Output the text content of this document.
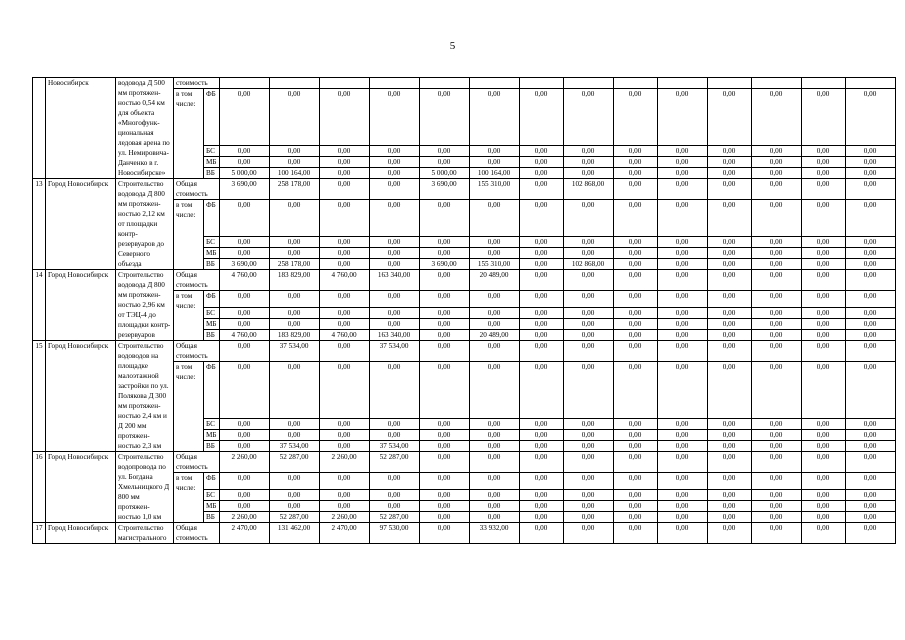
5
	Новосибирск	водовода Д 500 мм протяжен- ностью 0,54 км для объекта «Многофунк- циональная ледовая арена по ул. Немировича- Данченко в г. Новосибирске»	стоимость															
			в том числе:	ФБ	0,00	0,00	0,00	0,00	0,00	0,00	0,00	0,00	0,00	0,00	0,00	0,00	0,00	0,00
				БС	0,00	0,00	0,00	0,00	0,00	0,00	0,00	0,00	0,00	0,00	0,00	0,00	0,00	0,00
				МБ	0,00	0,00	0,00	0,00	0,00	0,00	0,00	0,00	0,00	0,00	0,00	0,00	0,00	0,00
				ВБ	5 000,00	100 164,00	0,00	0,00	5 000,00	100 164,00	0,00	0,00	0,00	0,00	0,00	0,00	0,00	0,00
13	Город Новосибирск	Строительство водовода Д 800 мм протяжен- ностью 2,12 км от площадки контр- резервуаров до Северного объезда	Общая стоимость		3 690,00	258 178,00	0,00	0,00	3 690,00	155 310,00	0,00	102 868,00	0,00	0,00	0,00	0,00	0,00	0,00
			в том числе:	ФБ	0,00	0,00	0,00	0,00	0,00	0,00	0,00	0,00	0,00	0,00	0,00	0,00	0,00	0,00
				БС	0,00	0,00	0,00	0,00	0,00	0,00	0,00	0,00	0,00	0,00	0,00	0,00	0,00	0,00
				МБ	0,00	0,00	0,00	0,00	0,00	0,00	0,00	0,00	0,00	0,00	0,00	0,00	0,00	0,00
				ВБ	3 690,00	258 178,00	0,00	0,00	3 690,00	155 310,00	0,00	102 868,00	0,00	0,00	0,00	0,00	0,00	0,00
14	Город Новосибирск	Строительство водовода Д 800 мм протяжен- ностью 2,96 км от ТЭЦ-4 до площадки контр- резервуаров	Общая стоимость		4 760,00	183 829,00	4 760,00	163 340,00	0,00	20 489,00	0,00	0,00	0,00	0,00	0,00	0,00	0,00	0,00
			в том числе:	ФБ	0,00	0,00	0,00	0,00	0,00	0,00	0,00	0,00	0,00	0,00	0,00	0,00	0,00	0,00
				БС	0,00	0,00	0,00	0,00	0,00	0,00	0,00	0,00	0,00	0,00	0,00	0,00	0,00	0,00
				МБ	0,00	0,00	0,00	0,00	0,00	0,00	0,00	0,00	0,00	0,00	0,00	0,00	0,00	0,00
				ВБ	4 760,00	183 829,00	4 760,00	163 340,00	0,00	20 489,00	0,00	0,00	0,00	0,00	0,00	0,00	0,00	0,00
15	Город Новосибирск	Строительство водоводов на площадке малоэтажной застройки по ул. Полякова Д 300 мм протяжен- ностью 2,4 км и Д 200 мм протяжен- ностью 2,3 км	Общая стоимость		0,00	37 534,00	0,00	37 534,00	0,00	0,00	0,00	0,00	0,00	0,00	0,00	0,00	0,00	0,00
			в том числе:	ФБ	0,00	0,00	0,00	0,00	0,00	0,00	0,00	0,00	0,00	0,00	0,00	0,00	0,00	0,00
				БС	0,00	0,00	0,00	0,00	0,00	0,00	0,00	0,00	0,00	0,00	0,00	0,00	0,00	0,00
				МБ	0,00	0,00	0,00	0,00	0,00	0,00	0,00	0,00	0,00	0,00	0,00	0,00	0,00	0,00
				ВБ	0,00	37 534,00	0,00	37 534,00	0,00	0,00	0,00	0,00	0,00	0,00	0,00	0,00	0,00	0,00
16	Город Новосибирск	Строительство водопровода по ул. Богдана Хмельницкого Д 800 мм протяжен- ностью 1,0 км	Общая стоимость		2 260,00	52 287,00	2 260,00	52 287,00	0,00	0,00	0,00	0,00	0,00	0,00	0,00	0,00	0,00	0,00
			в том числе:	ФБ	0,00	0,00	0,00	0,00	0,00	0,00	0,00	0,00	0,00	0,00	0,00	0,00	0,00	0,00
				БС	0,00	0,00	0,00	0,00	0,00	0,00	0,00	0,00	0,00	0,00	0,00	0,00	0,00	0,00
				МБ	0,00	0,00	0,00	0,00	0,00	0,00	0,00	0,00	0,00	0,00	0,00	0,00	0,00	0,00
				ВБ	2 260,00	52 287,00	2 260,00	52 287,00	0,00	0,00	0,00	0,00	0,00	0,00	0,00	0,00	0,00	0,00
17	Город Новосибирск	Строительство магистрального	Общая стоимость		2 470,00	131 462,00	2 470,00	97 530,00	0,00	33 932,00	0,00	0,00	0,00	0,00	0,00	0,00	0,00	0,00
